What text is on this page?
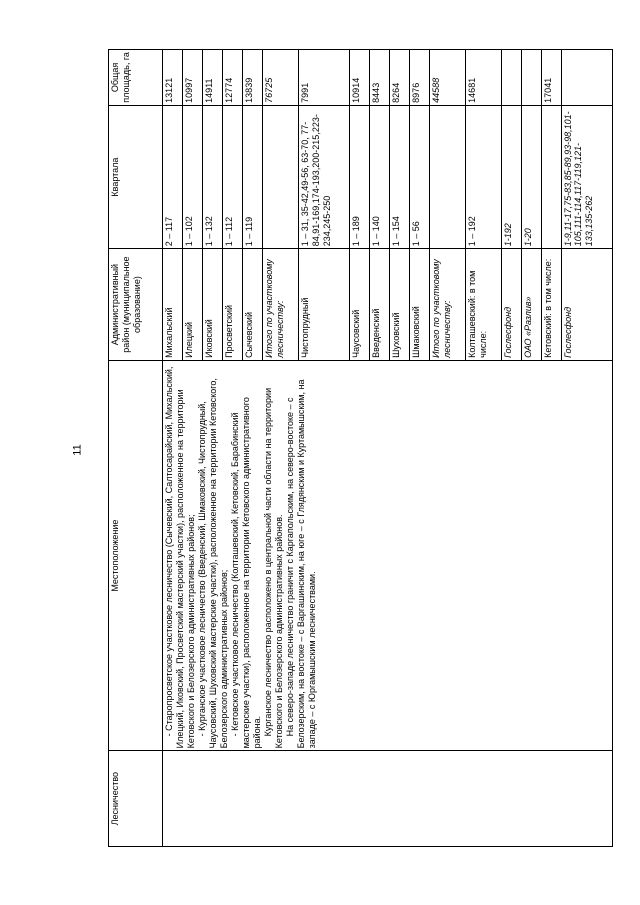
11
Лесничество	Местоположение	Административный район (муниципальное образование)	Квартала	Общая площадь, га

	- Старопросветское участковое лесничество (Сычевский, Салтосарайский, Михальский, Илецкий, Иковский, Просветский мастерский участки), расположенное на территории Кетовского и Белозерского административных районов; - Курганское участковое лесничество (Введенский, Шмаковский, Чистопрудный, Чаусовский, Шуховский мастерские участки), расположенное на территории Кетовского, Белозерского административных районов; - Кетовское участковое лесничество (Колташевский, Кетовский, Барабинский мастерские участки), расположенное на территории Кетовского административного района. Курганское лесничество расположено в центральной части области на территории Кетовского и Белозерского административных районов. На северо-западе лесничество граничит с Каргапольским, на северо-востоке – с Белозерским, на востоке – с Варгашинским, на юге – с Глядянским и Куртамышским, на западе – с Юргамышским лесничествами.	Михальский	2 – 117	13121
		Илецкий	1 – 102	10997
		Иковский	1 – 132	14911
		Просветский	1 – 112	12774
		Сычевский	1 – 119	13839
		Итого по участковому лесничеству:		76725
		Чистопрудный	1 – 31, 35-42,49-56, 63-70, 77-84,91-169,174-193,200-215,223-234,245-250	7991
		Чаусовский	1 – 189	10914
		Введенский	1 – 140	8443
		Шуховский	1 – 154	8264
		Шмаковский	1 – 56	8976
		Итого по участковому лесничеству:		44588
		Колташевский: в том числе:	1 – 192	14681
		Гослесфонд	1-192	
		ОАО «Разлив»	1-20	
		Кетовский: в том числе:		17041
		Гослесфонд	1-9,11-17,75-83,85-89,93-98,101-105,111-114,117-119,121-133,135-262	
